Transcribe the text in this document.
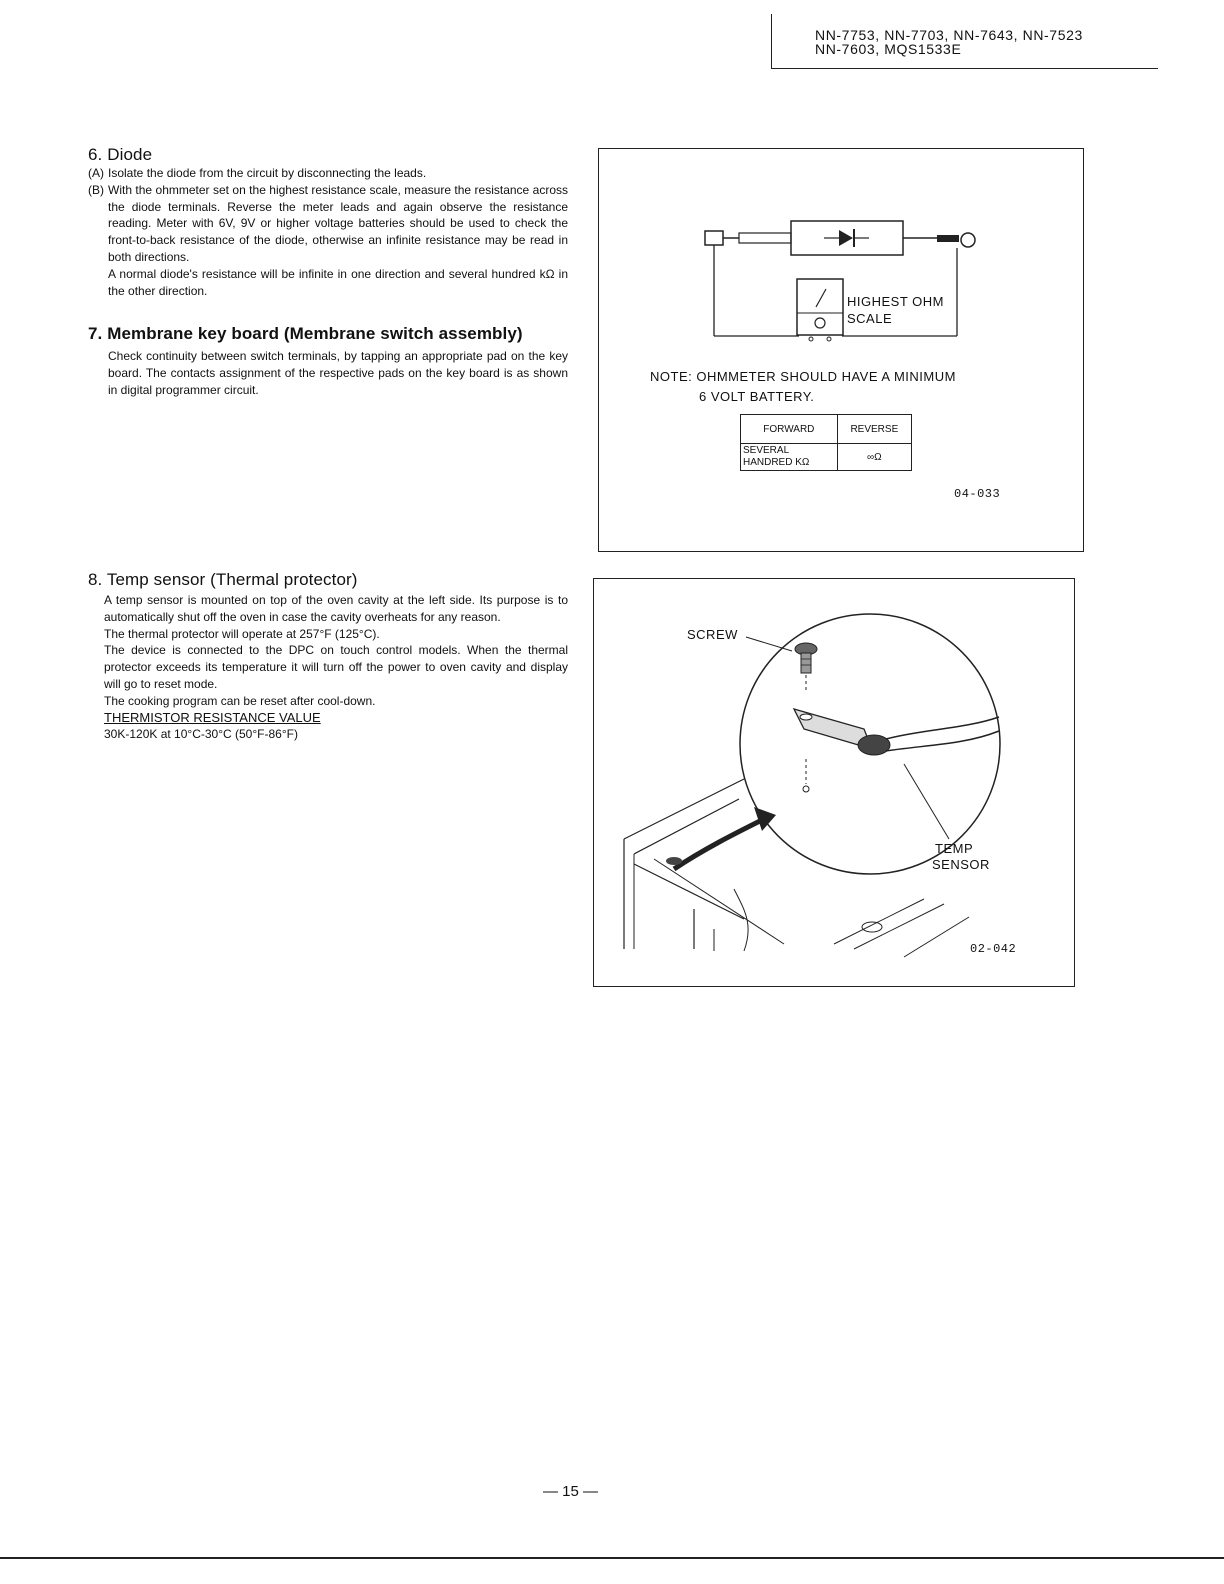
NN-7753, NN-7703, NN-7643, NN-7523
NN-7603, MQS1533E
6. Diode
(A) Isolate the diode from the circuit by disconnecting the leads.
(B) With the ohmmeter set on the highest resistance scale, measure the resistance across the diode terminals. Reverse the meter leads and again observe the resistance reading. Meter with 6V, 9V or higher voltage batteries should be used to check the front-to-back resistance of the diode, otherwise an infinite resistance may be read in both directions.

A normal diode's resistance will be infinite in one direction and several hundred kΩ in the other direction.

7. Membrane key board (Membrane switch assembly)

Check continuity between switch terminals, by tapping an appropriate pad on the key board. The contacts assignment of the respective pads on the key board is as shown in digital programmer circuit.

8. Temp sensor (Thermal protector)

A temp sensor is mounted on top of the oven cavity at the left side. Its purpose is to automatically shut off the oven in case the cavity overheats for any reason.

The thermal protector will operate at 257°F (125°C).

The device is connected to the DPC on touch control models. When the thermal protector exceeds its temperature it will turn off the power to oven cavity and display will go to reset mode.

The cooking program can be reset after cool-down.

THERMISTOR RESISTANCE VALUE

30K-120K at 10°C-30°C (50°F-86°F)

HIGHEST OHM
SCALE
NOTE: OHMMETER SHOULD HAVE A MINIMUM
6 VOLT BATTERY.
FORWARD	REVERSE

SEVERAL
HANDRED KΩ	∞Ω
04-033
SCREW
TEMP
SENSOR
02-042
— 15 —
